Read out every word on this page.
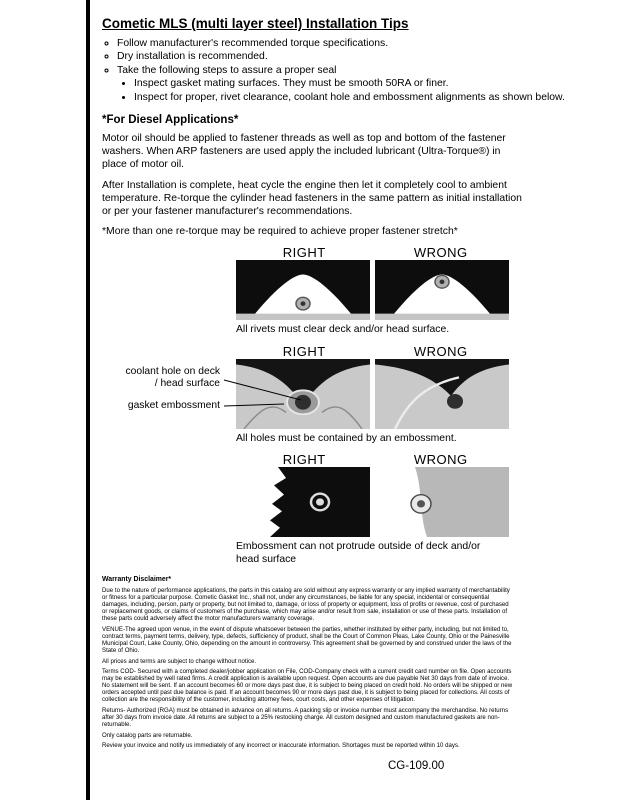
Cometic MLS (multi layer steel) Installation Tips
◦ Follow manufacturer's recommended torque specifications.
◦ Dry installation is recommended.
◦ Take the following steps to assure a proper seal
• Inspect gasket mating surfaces. They must be smooth 50RA or finer.
• Inspect for proper, rivet clearance, coolant hole and embossment alignments as shown below.
*For Diesel Applications*

Motor oil should be applied to fastener threads as well as top and bottom of the fastener washers. When ARP fasteners are used apply the included lubricant (Ultra-Torque®) in place of motor oil.

After Installation is complete, heat cycle the engine then let it completely cool to ambient temperature. Re-torque the cylinder head fasteners in the same pattern as initial installation or per your fastener manufacturer's recommendations.

*More than one re-torque may be required to achieve proper fastener stretch*

RIGHT	WRONG
All rivets must clear deck and/or head surface.
coolant hole on deck / head surface
gasket embossment
RIGHT	WRONG
All holes must be contained by an embossment.
RIGHT	WRONG
Embossment can not protrude outside of deck and/or head surface
Warranty Disclaimer*

Due to the nature of performance applications, the parts in this catalog are sold without any express warranty or any implied warranty of merchantability or fitness for a particular purpose. Cometic Gasket Inc., shall not, under any circumstances, be liable for any special, incidental or consequential damages, including, person, party or property, but not limited to, damage, or loss of property or equipment, loss of profits or revenue, cost of purchased or replacement goods, or claims of customers of the purchase, which may arise and/or result from sale, installation or use of these parts. Installation of these parts could adversely affect the motor manufacturers warranty coverage.

VENUE-The agreed upon venue, in the event of dispute whatsoever between the parties, whether instituted by either party, including, but not limited to, contract terms, payment terms, delivery, type, defects, sufficiency of product, shall be the Court of Common Pleas, Lake County, Ohio or the Painesville Municipal Court, Lake County, Ohio, depending on the amount in controversy. This agreement shall be governed by and construed under the laws of the State of Ohio.

All prices and terms are subject to change without notice.

Terms COD- Secured with a completed dealer/jobber application on File, COD-Company check with a current credit card number on file. Open accounts may be established by well rated firms. A credit application is available upon request. Open accounts are due payable Net 30 days from date of invoice. No statement will be sent. If an account becomes 60 or more days past due, it is subject to being placed on credit hold. No orders will be shipped or new orders accepted until past due balance is paid. If an account becomes 90 or more days past due, it is subject to being placed for collections. All costs of collection are the responsibility of the customer, including attorney fees, court costs, and other expenses of litigation.

Returns- Authorized (RGA) must be obtained in advance on all returns. A packing slip or invoice number must accompany the merchandise. No returns after 30 days from invoice date. All returns are subject to a 25% restocking charge. All custom designed and custom manufactured gaskets are non-returnable.

Only catalog parts are returnable.

Review your invoice and notify us immediately of any incorrect or inaccurate information. Shortages must be reported within 10 days.

CG-109.00
